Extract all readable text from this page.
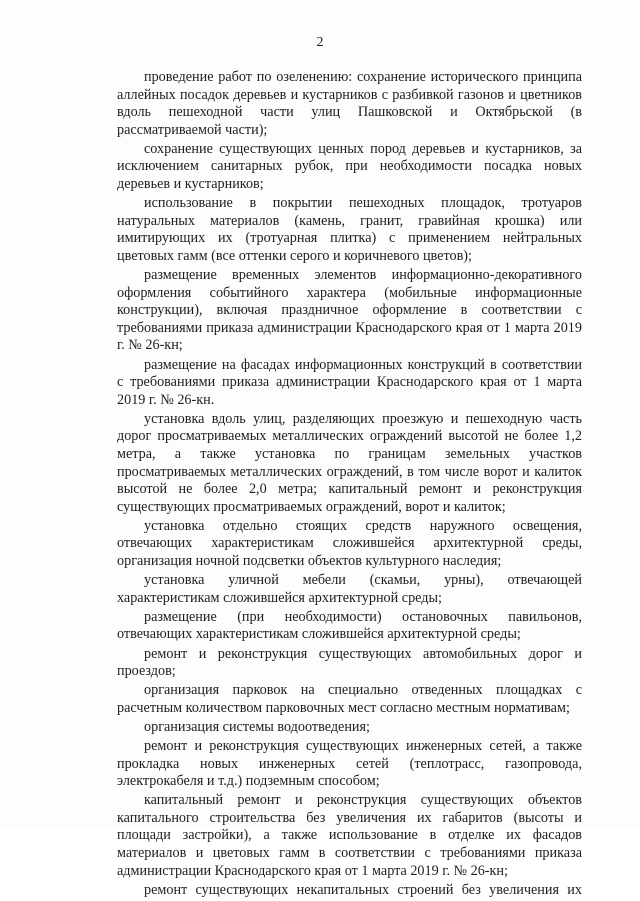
2

проведение работ по озеленению: сохранение исторического принципа аллейных посадок деревьев и кустарников с разбивкой газонов и цветников вдоль пешеходной части улиц Пашковской и Октябрьской (в рассматриваемой части);

сохранение существующих ценных пород деревьев и кустарников, за исключением санитарных рубок, при необходимости посадка новых деревьев и кустарников;

использование в покрытии пешеходных площадок, тротуаров натуральных материалов (камень, гранит, гравийная крошка) или имитирующих их (тротуарная плитка) с применением нейтральных цветовых гамм (все оттенки серого и коричневого цветов);

размещение временных элементов информационно-декоративного оформления событийного характера (мобильные информационные конструкции), включая праздничное оформление в соответствии с требованиями приказа администрации Краснодарского края от 1 марта 2019 г. № 26-кн;

размещение на фасадах информационных конструкций в соответствии с требованиями приказа администрации Краснодарского края от 1 марта 2019 г. № 26-кн.

установка вдоль улиц, разделяющих проезжую и пешеходную часть дорог просматриваемых металлических ограждений высотой не более 1,2 метра, а также установка по границам земельных участков просматриваемых металлических ограждений, в том числе ворот и калиток высотой не более 2,0 метра; капитальный ремонт и реконструкция существующих просматриваемых ограждений, ворот и калиток;

установка отдельно стоящих средств наружного освещения, отвечающих характеристикам сложившейся архитектурной среды, организация ночной подсветки объектов культурного наследия;

установка уличной мебели (скамьи, урны), отвечающей характеристикам сложившейся архитектурной среды;

размещение (при необходимости) остановочных павильонов, отвечающих характеристикам сложившейся архитектурной среды;

ремонт и реконструкция существующих автомобильных дорог и проездов;

организация парковок на специально отведенных площадках с расчетным количеством парковочных мест согласно местным нормативам;

организация системы водоотведения;

ремонт и реконструкция существующих инженерных сетей, а также прокладка новых инженерных сетей (теплотрасс, газопровода, электрокабеля и т.д.) подземным способом;

капитальный ремонт и реконструкция существующих объектов капитального строительства без увеличения их габаритов (высоты и площади застройки), а также использование в отделке их фасадов материалов и цветовых гамм в соответствии с требованиями приказа администрации Краснодарского края от 1 марта 2019 г. № 26-кн;

ремонт существующих некапитальных строений без увеличения их
